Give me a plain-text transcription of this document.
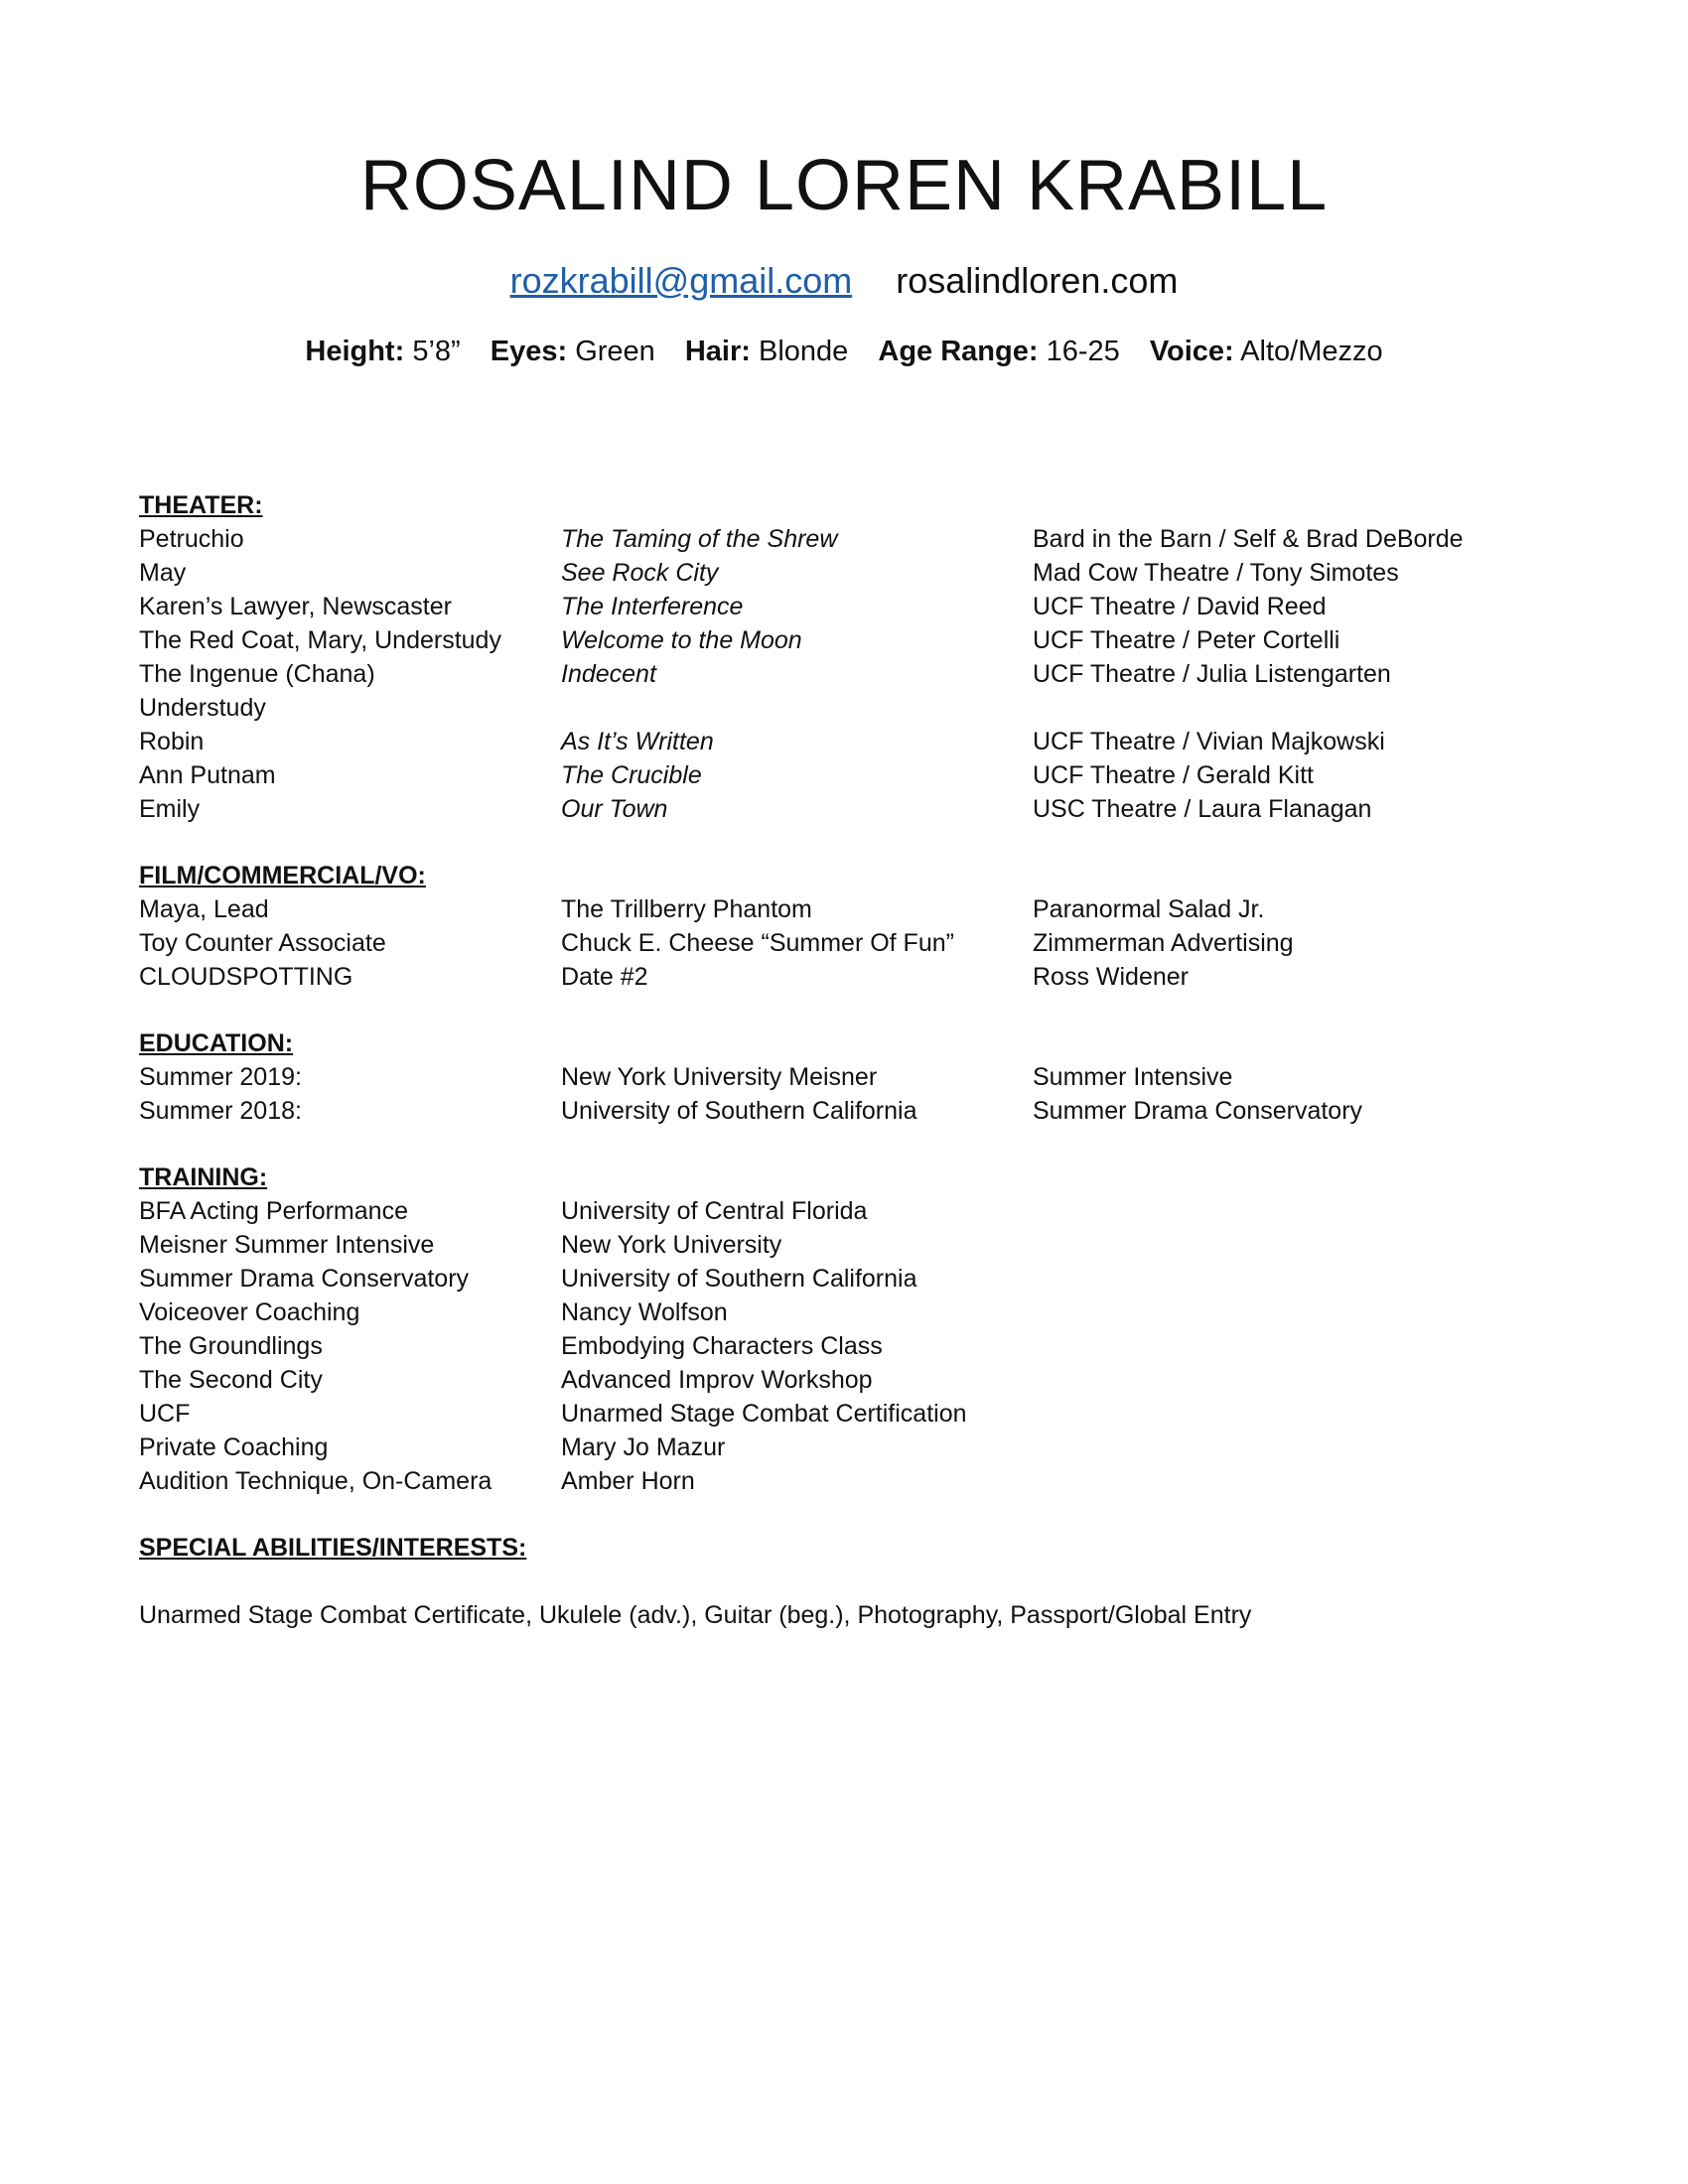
ROSALIND LOREN KRABILL
rozkrabill@gmail.com rosalindloren.com
Height: 5’8” Eyes: Green Hair: Blonde Age Range: 16-25 Voice: Alto/Mezzo
THEATER:
Petruchio	The Taming of the Shrew	Bard in the Barn / Self & Brad DeBorde
May	See Rock City	Mad Cow Theatre / Tony Simotes
Karen’s Lawyer, Newscaster	The Interference	UCF Theatre / David Reed
The Red Coat, Mary, Understudy	Welcome to the Moon	UCF Theatre / Peter Cortelli
The Ingenue (Chana)	Indecent	UCF Theatre / Julia Listengarten
Understudy
Robin	As It’s Written	UCF Theatre / Vivian Majkowski
Ann Putnam	The Crucible	UCF Theatre / Gerald Kitt
Emily	Our Town	USC Theatre / Laura Flanagan
FILM/COMMERCIAL/VO:
Maya, Lead	The Trillberry Phantom	Paranormal Salad Jr.
Toy Counter Associate	Chuck E. Cheese “Summer Of Fun”	Zimmerman Advertising
CLOUDSPOTTING	Date #2	Ross Widener
EDUCATION:
Summer 2019:	New York University Meisner	Summer Intensive
Summer 2018:	University of Southern California	Summer Drama Conservatory
TRAINING:
BFA Acting Performance	University of Central Florida
Meisner Summer Intensive	New York University
Summer Drama Conservatory	University of Southern California
Voiceover Coaching	Nancy Wolfson
The Groundlings	Embodying Characters Class
The Second City	Advanced Improv Workshop
UCF	Unarmed Stage Combat Certification
Private Coaching	Mary Jo Mazur
Audition Technique, On-Camera	Amber Horn
SPECIAL ABILITIES/INTERESTS:
Unarmed Stage Combat Certificate, Ukulele (adv.), Guitar (beg.), Photography, Passport/Global Entry
